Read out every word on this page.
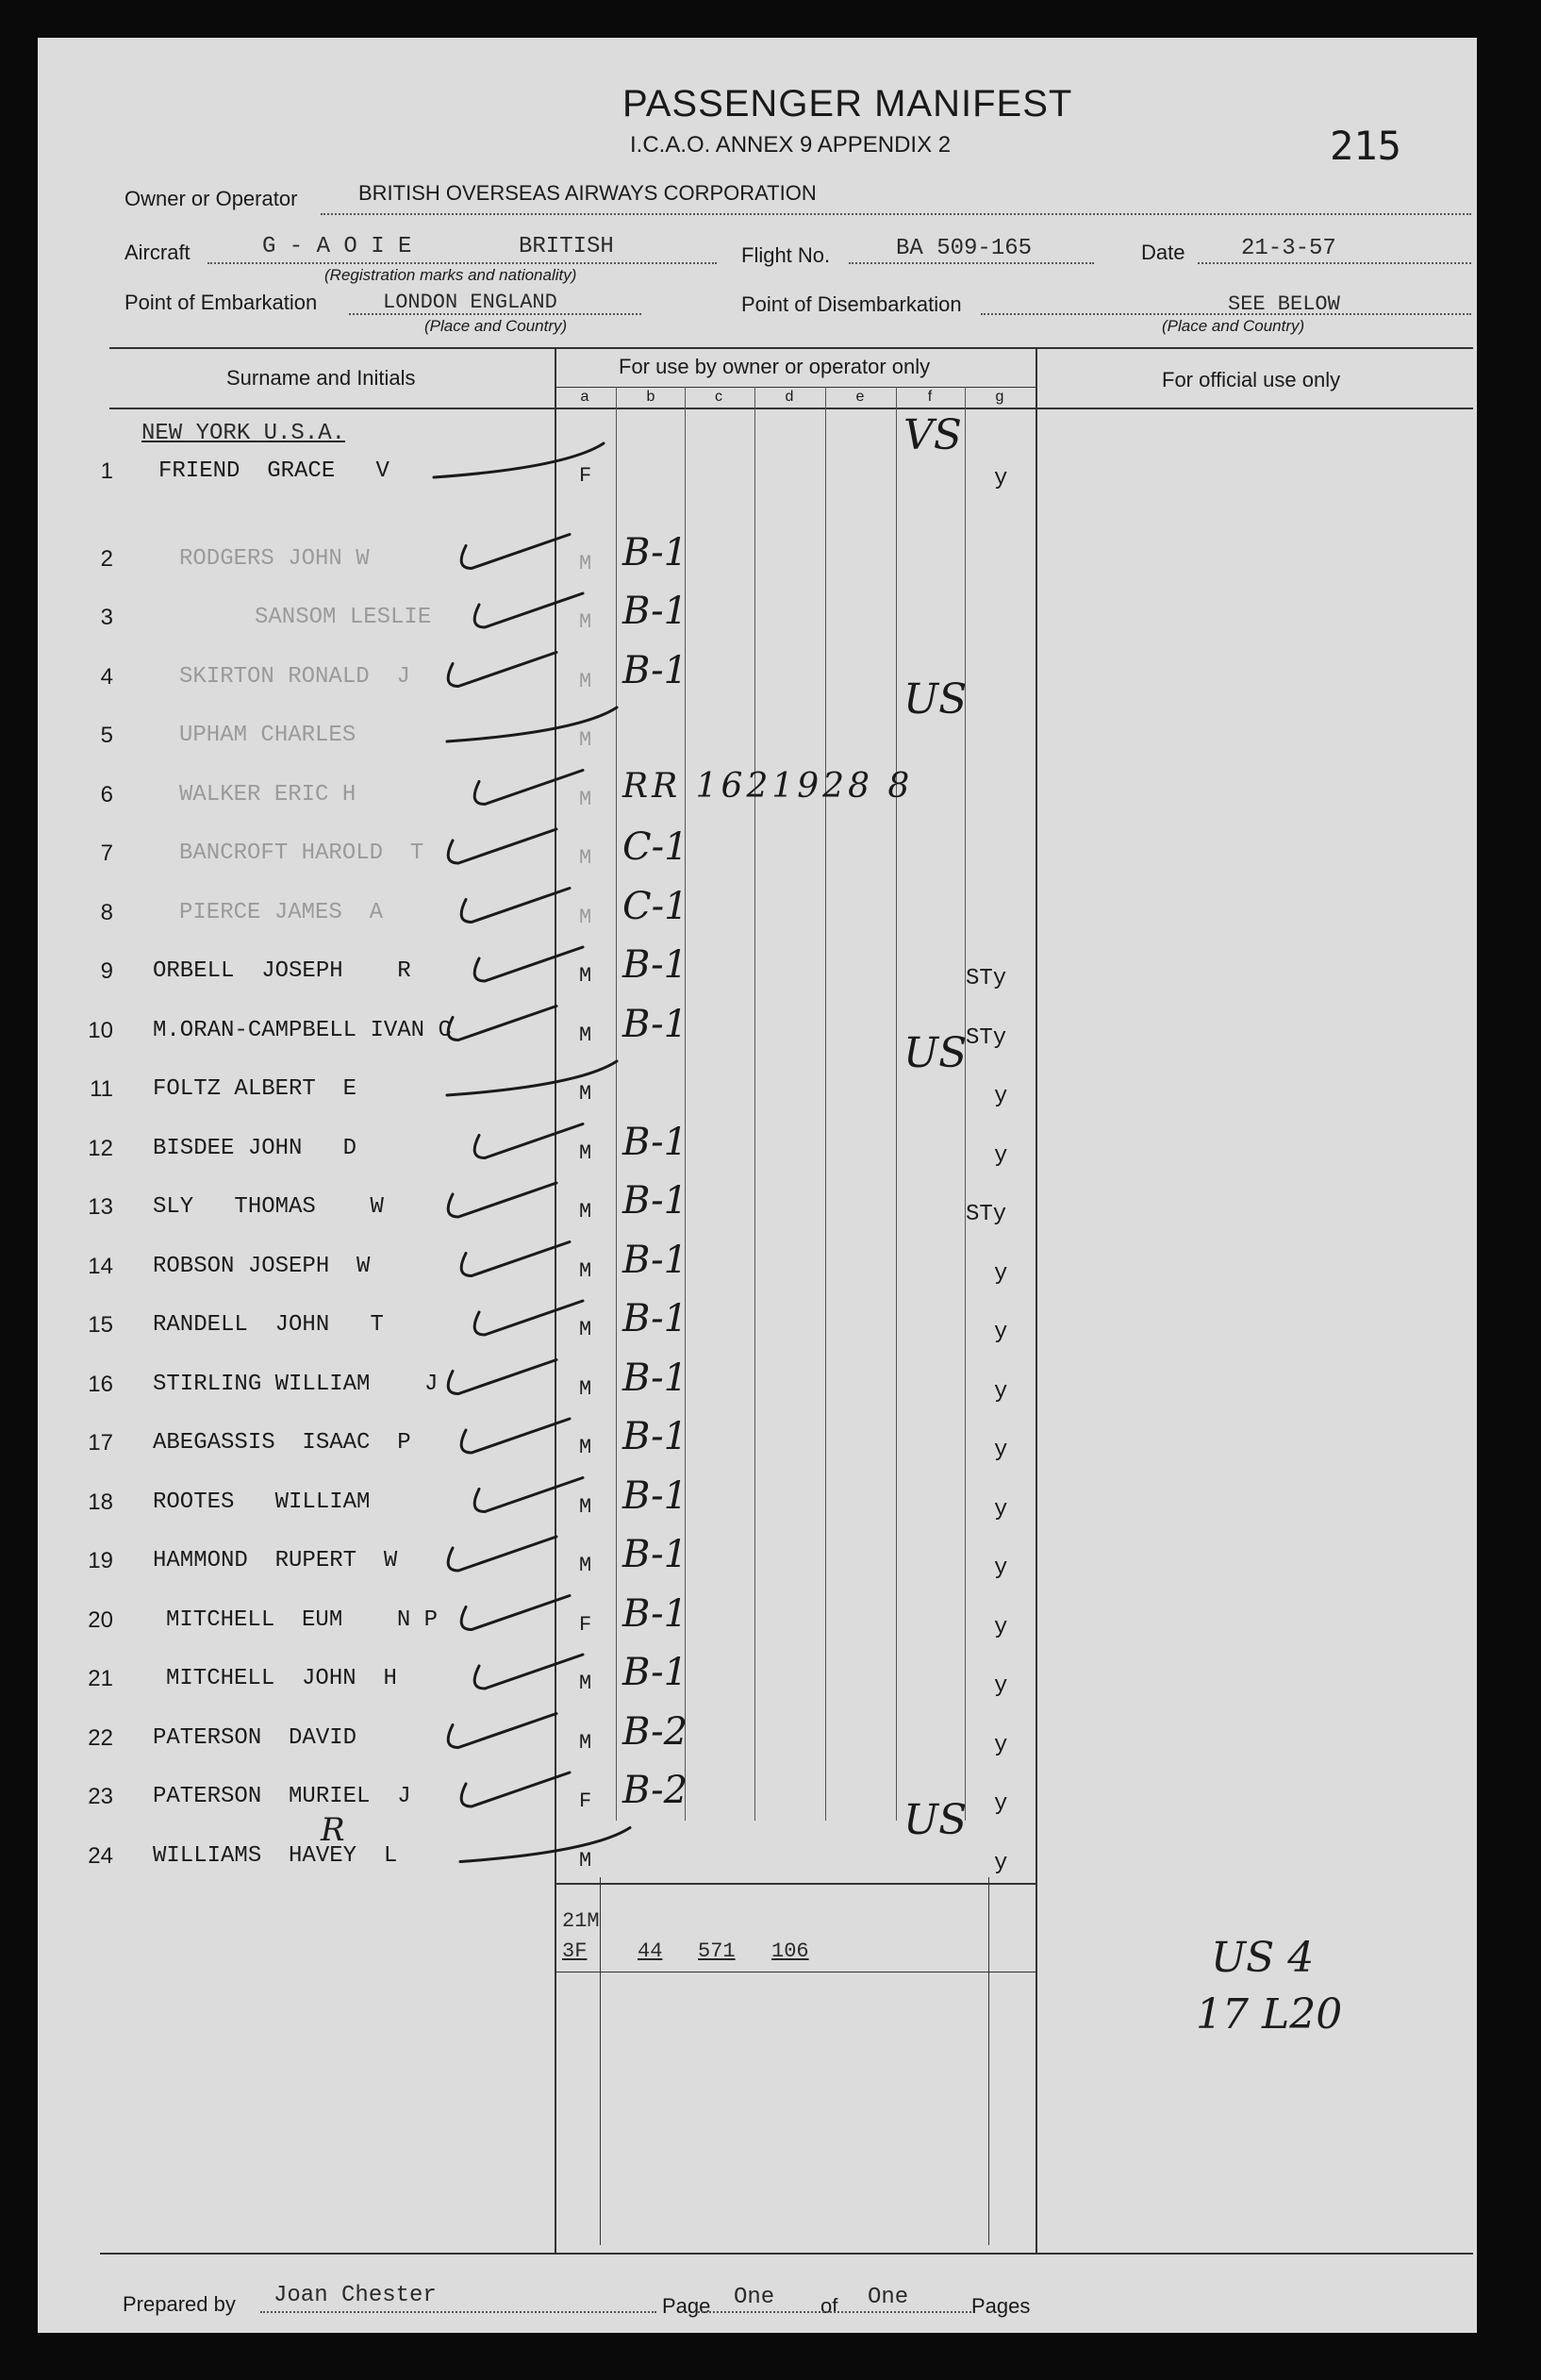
PASSENGER MANIFEST
I.C.A.O. ANNEX 9 APPENDIX 2	215
Owner or Operator	BRITISH OVERSEAS AIRWAYS CORPORATION
Aircraft	G - A O I E	BRITISH
(Registration marks and nationality)
Flight No.	BA 509-165	Date 21-3-57
Point of Embarkation	LONDON ENGLAND
(Place and Country)
Point of Disembarkation	SEE BELOW
(Place and Country)
Surname and Initials	For use by owner or operator only
For official use only
a	b	c	d	e	f	g
NEW YORK U.S.A.
1 FRIEND  GRACE   V	F	y
VS
2	RODGERS JOHN W	M B-1
3	SANSOM LESLIE	M B-1
4	SKIRTON RONALD  J	M B-1
5	UPHAM CHARLES	M
US
6	WALKER ERIC H	M RR 1621928 8
7	BANCROFT HAROLD  T	M C-1
8	PIERCE JAMES  A	M C-1
9 ORBELL  JOSEPH    R	M B-1	STy
10 M.ORAN-CAMPBELL IVAN C	M B-1	STy
11 FOLTZ ALBERT  E	M	y
US
12 BISDEE JOHN   D	M B-1	y
13 SLY   THOMAS    W	M B-1	STy
14 ROBSON JOSEPH  W	M B-1	y
15 RANDELL  JOHN   T	M B-1	y
16 STIRLING WILLIAM    J	M B-1	y
17 ABEGASSIS  ISAAC  P	M B-1	y
18 ROOTES   WILLIAM	M B-1	y
19 HAMMOND  RUPERT  W	M B-1	y
20 MITCHELL  EUM    N P	F B-1	y
21 MITCHELL  JOHN  H	M B-1	y
22 PATERSON  DAVID	M B-2	y
23 PATERSON  MURIEL  J	F B-2	y
24 WILLIAMS  HAVEY  L	M	y
US
21M
3F 44 571 106	US 4
17 L20
R
Prepared by Joan Chester	Page One of One	Pages
